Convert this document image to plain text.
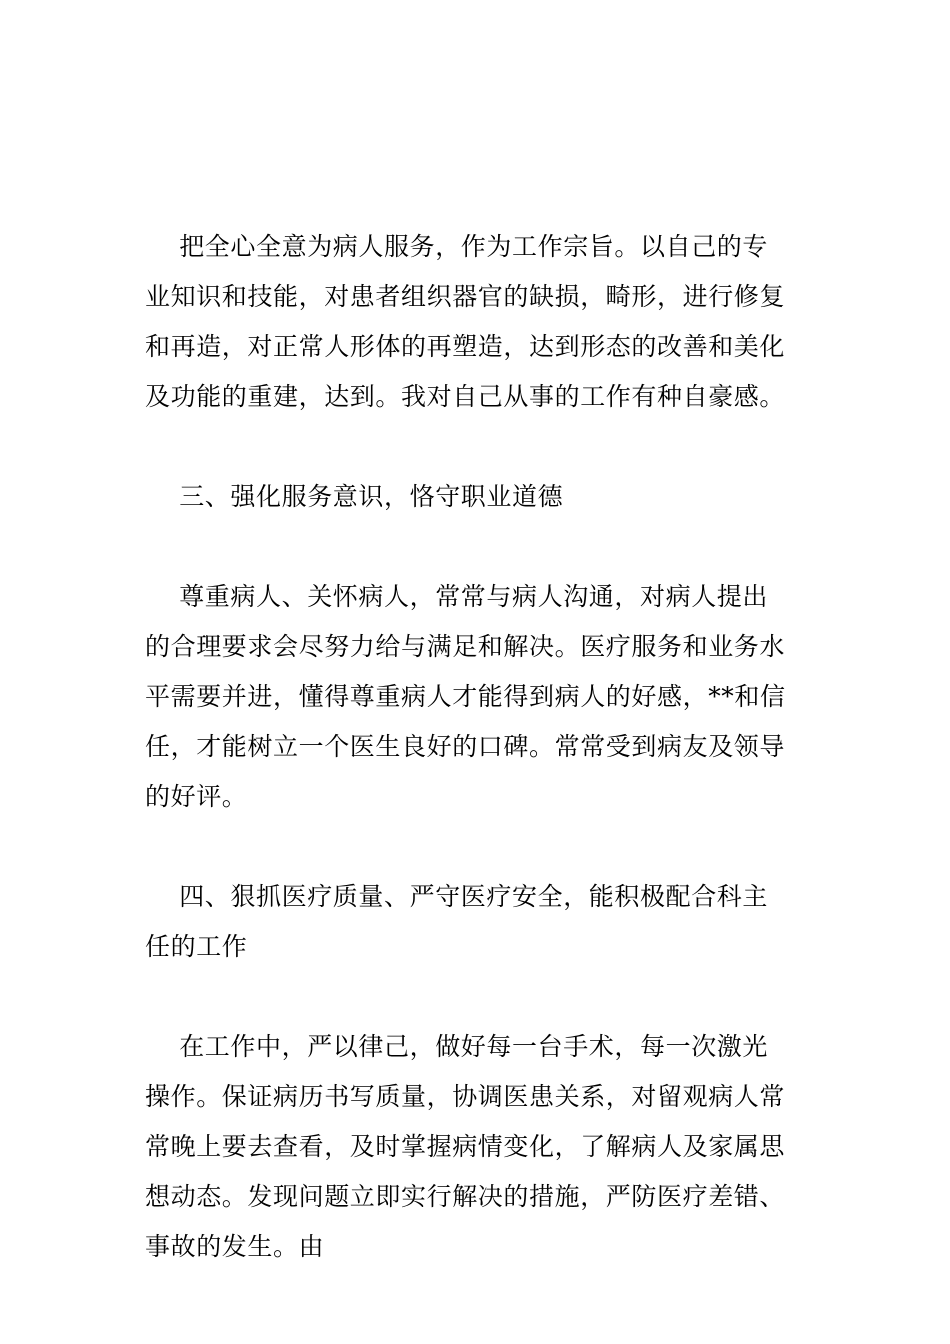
把全心全意为病人服务，作为工作宗旨。以自己的专
业知识和技能，对患者组织器官的缺损，畸形，进行修复
和再造，对正常人形体的再塑造，达到形态的改善和美化
及功能的重建，达到。我对自己从事的工作有种自豪感。

三、强化服务意识，恪守职业道德

尊重病人、关怀病人，常常与病人沟通，对病人提出
的合理要求会尽努力给与满足和解决。医疗服务和业务水
平需要并进，懂得尊重病人才能得到病人的好感，**和信
任，才能树立一个医生良好的口碑。常常受到病友及领导
的好评。

四、狠抓医疗质量、严守医疗安全，能积极配合科主
任的工作

在工作中，严以律己，做好每一台手术，每一次激光
操作。保证病历书写质量，协调医患关系，对留观病人常
常晚上要去查看，及时掌握病情变化，了解病人及家属思
想动态。发现问题立即实行解决的措施，严防医疗差错、
事故的发生。由
